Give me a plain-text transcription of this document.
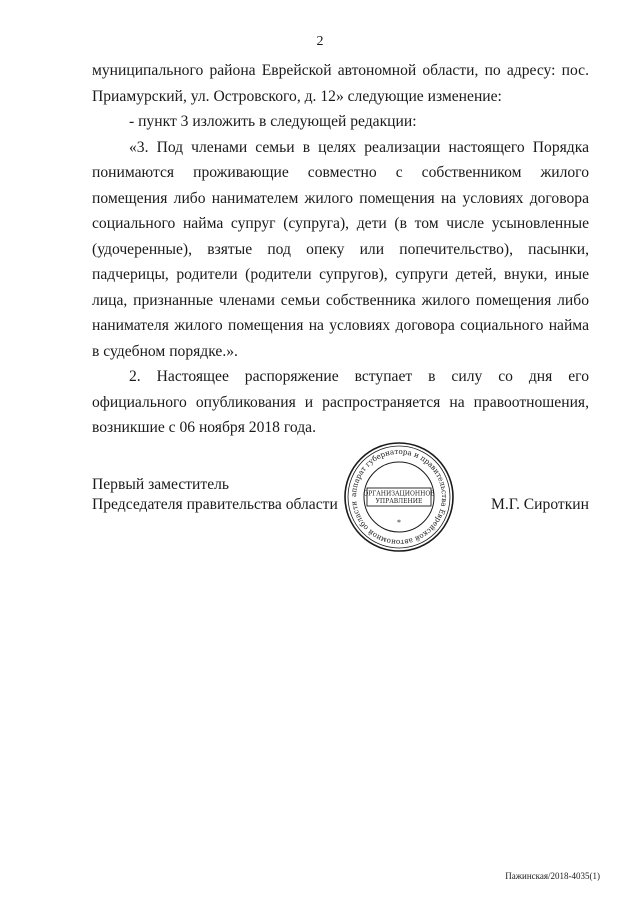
2

муниципального района Еврейской автономной области, по адресу: пос. Приамурский, ул. Островского, д. 12» следующие изменение:

- пункт 3 изложить в следующей редакции:

«3. Под членами семьи в целях реализации настоящего Порядка понимаются проживающие совместно с собственником жилого помещения либо нанимателем жилого помещения на условиях договора социального найма супруг (супруга), дети (в том числе усыновленные (удочеренные), взятые под опеку или попечительство), пасынки, падчерицы, родители (родители супругов), супруги детей, внуки, иные лица, признанные членами семьи собственника жилого помещения либо нанимателя жилого помещения на условиях договора социального найма в судебном порядке.».

2. Настоящее распоряжение вступает в силу со дня его официального опубликования и распространяется на правоотношения, возникшие с 06 ноября 2018 года.

Первый заместитель
Председателя правительства области
аппарат губернатора и правительства Еврейской автономной области
ОРГАНИЗАЦИОННОЕ
УПРАВЛЕНИЕ
*
М.Г. Сироткин
Пажинская/2018-4035(1)
